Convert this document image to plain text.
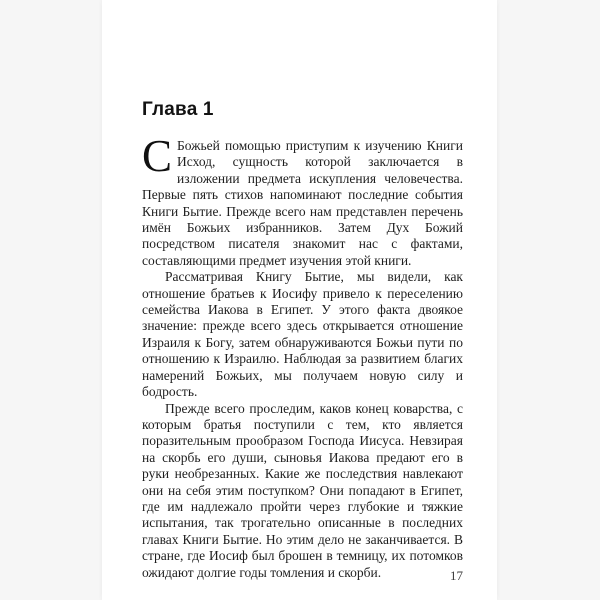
Глава 1

С Божьей помощью приступим к изучению Книги Исход, сущность которой заключается в изложении предмета искупления человечества. Первые пять стихов напоминают последние события Книги Бытие. Прежде всего нам представлен перечень имён Божьих избранников. Затем Дух Божий посредством писателя знакомит нас с фактами, составляющими предмет изучения этой книги.

Рассматривая Книгу Бытие, мы видели, как отношение братьев к Иосифу привело к переселению семейства Иакова в Египет. У этого факта двоякое значение: прежде всего здесь открывается отношение Израиля к Богу, затем обнаруживаются Божьи пути по отношению к Израилю. Наблюдая за развитием благих намерений Божьих, мы получаем новую силу и бодрость.

Прежде всего проследим, каков конец коварства, с которым братья поступили с тем, кто является поразительным прообразом Господа Иисуса. Невзирая на скорбь его души, сыновья Иакова предают его в руки необрезанных. Какие же последствия навлекают они на себя этим поступком? Они попадают в Египет, где им надлежало пройти через глубокие и тяжкие испытания, так трогательно описанные в последних главах Книги Бытие. Но этим дело не заканчивается. В стране, где Иосиф был брошен в темницу, их потомков ожидают долгие годы томления и скорби.	17
